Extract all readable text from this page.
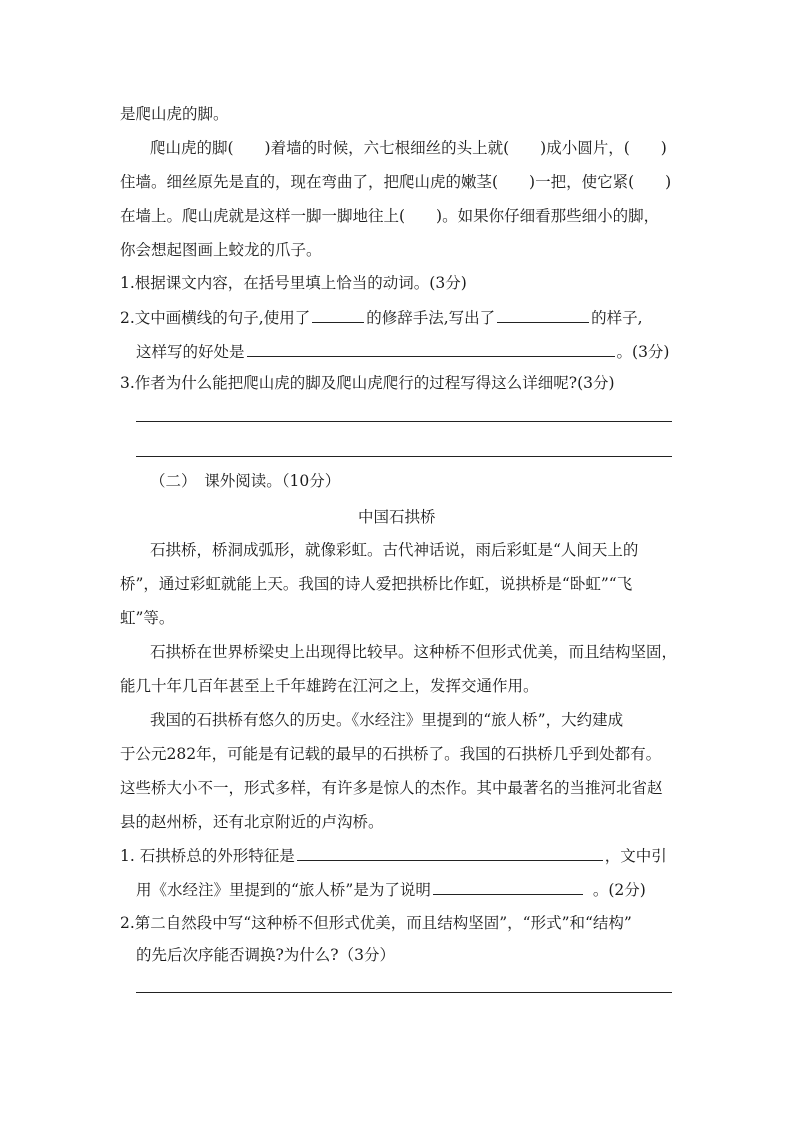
是爬山虎的脚。
爬山虎的脚(　　)着墙的时候，六七根细丝的头上就(　　)成小圆片，(　　)
住墙。细丝原先是直的，现在弯曲了，把爬山虎的嫩茎(　　)一把，使它紧(　　)
在墙上。爬山虎就是这样一脚一脚地往上(　　)。如果你仔细看那些细小的脚，
你会想起图画上蛟龙的爪子。
1.根据课文内容，在括号里填上恰当的动词。(3分)
2.文中画横线的句子,使用了	的修辞手法,写出了	的样子,
这样写的好处是	。(3分)
3.作者为什么能把爬山虎的脚及爬山虎爬行的过程写得这么详细呢?(3分)
（二）　课外阅读。（10分）
中国石拱桥
石拱桥，桥洞成弧形，就像彩虹。古代神话说，雨后彩虹是“人间天上的
桥”，通过彩虹就能上天。我国的诗人爱把拱桥比作虹，说拱桥是“卧虹”“飞
虹”等。
石拱桥在世界桥梁史上出现得比较早。这种桥不但形式优美，而且结构坚固，
能几十年几百年甚至上千年雄跨在江河之上，发挥交通作用。
我国的石拱桥有悠久的历史。《水经注》里提到的“旅人桥”，大约建成
于公元282年，可能是有记载的最早的石拱桥了。我国的石拱桥几乎到处都有。
这些桥大小不一，形式多样，有许多是惊人的杰作。其中最著名的当推河北省赵
县的赵州桥，还有北京附近的卢沟桥。
1. 石拱桥总的外形特征是	，文中引
用《水经注》里提到的“旅人桥”是为了说明	。(2分)
2.第二自然段中写“这种桥不但形式优美，而且结构坚固”，“形式”和“结构”
的先后次序能否调换?为什么?（3分）
